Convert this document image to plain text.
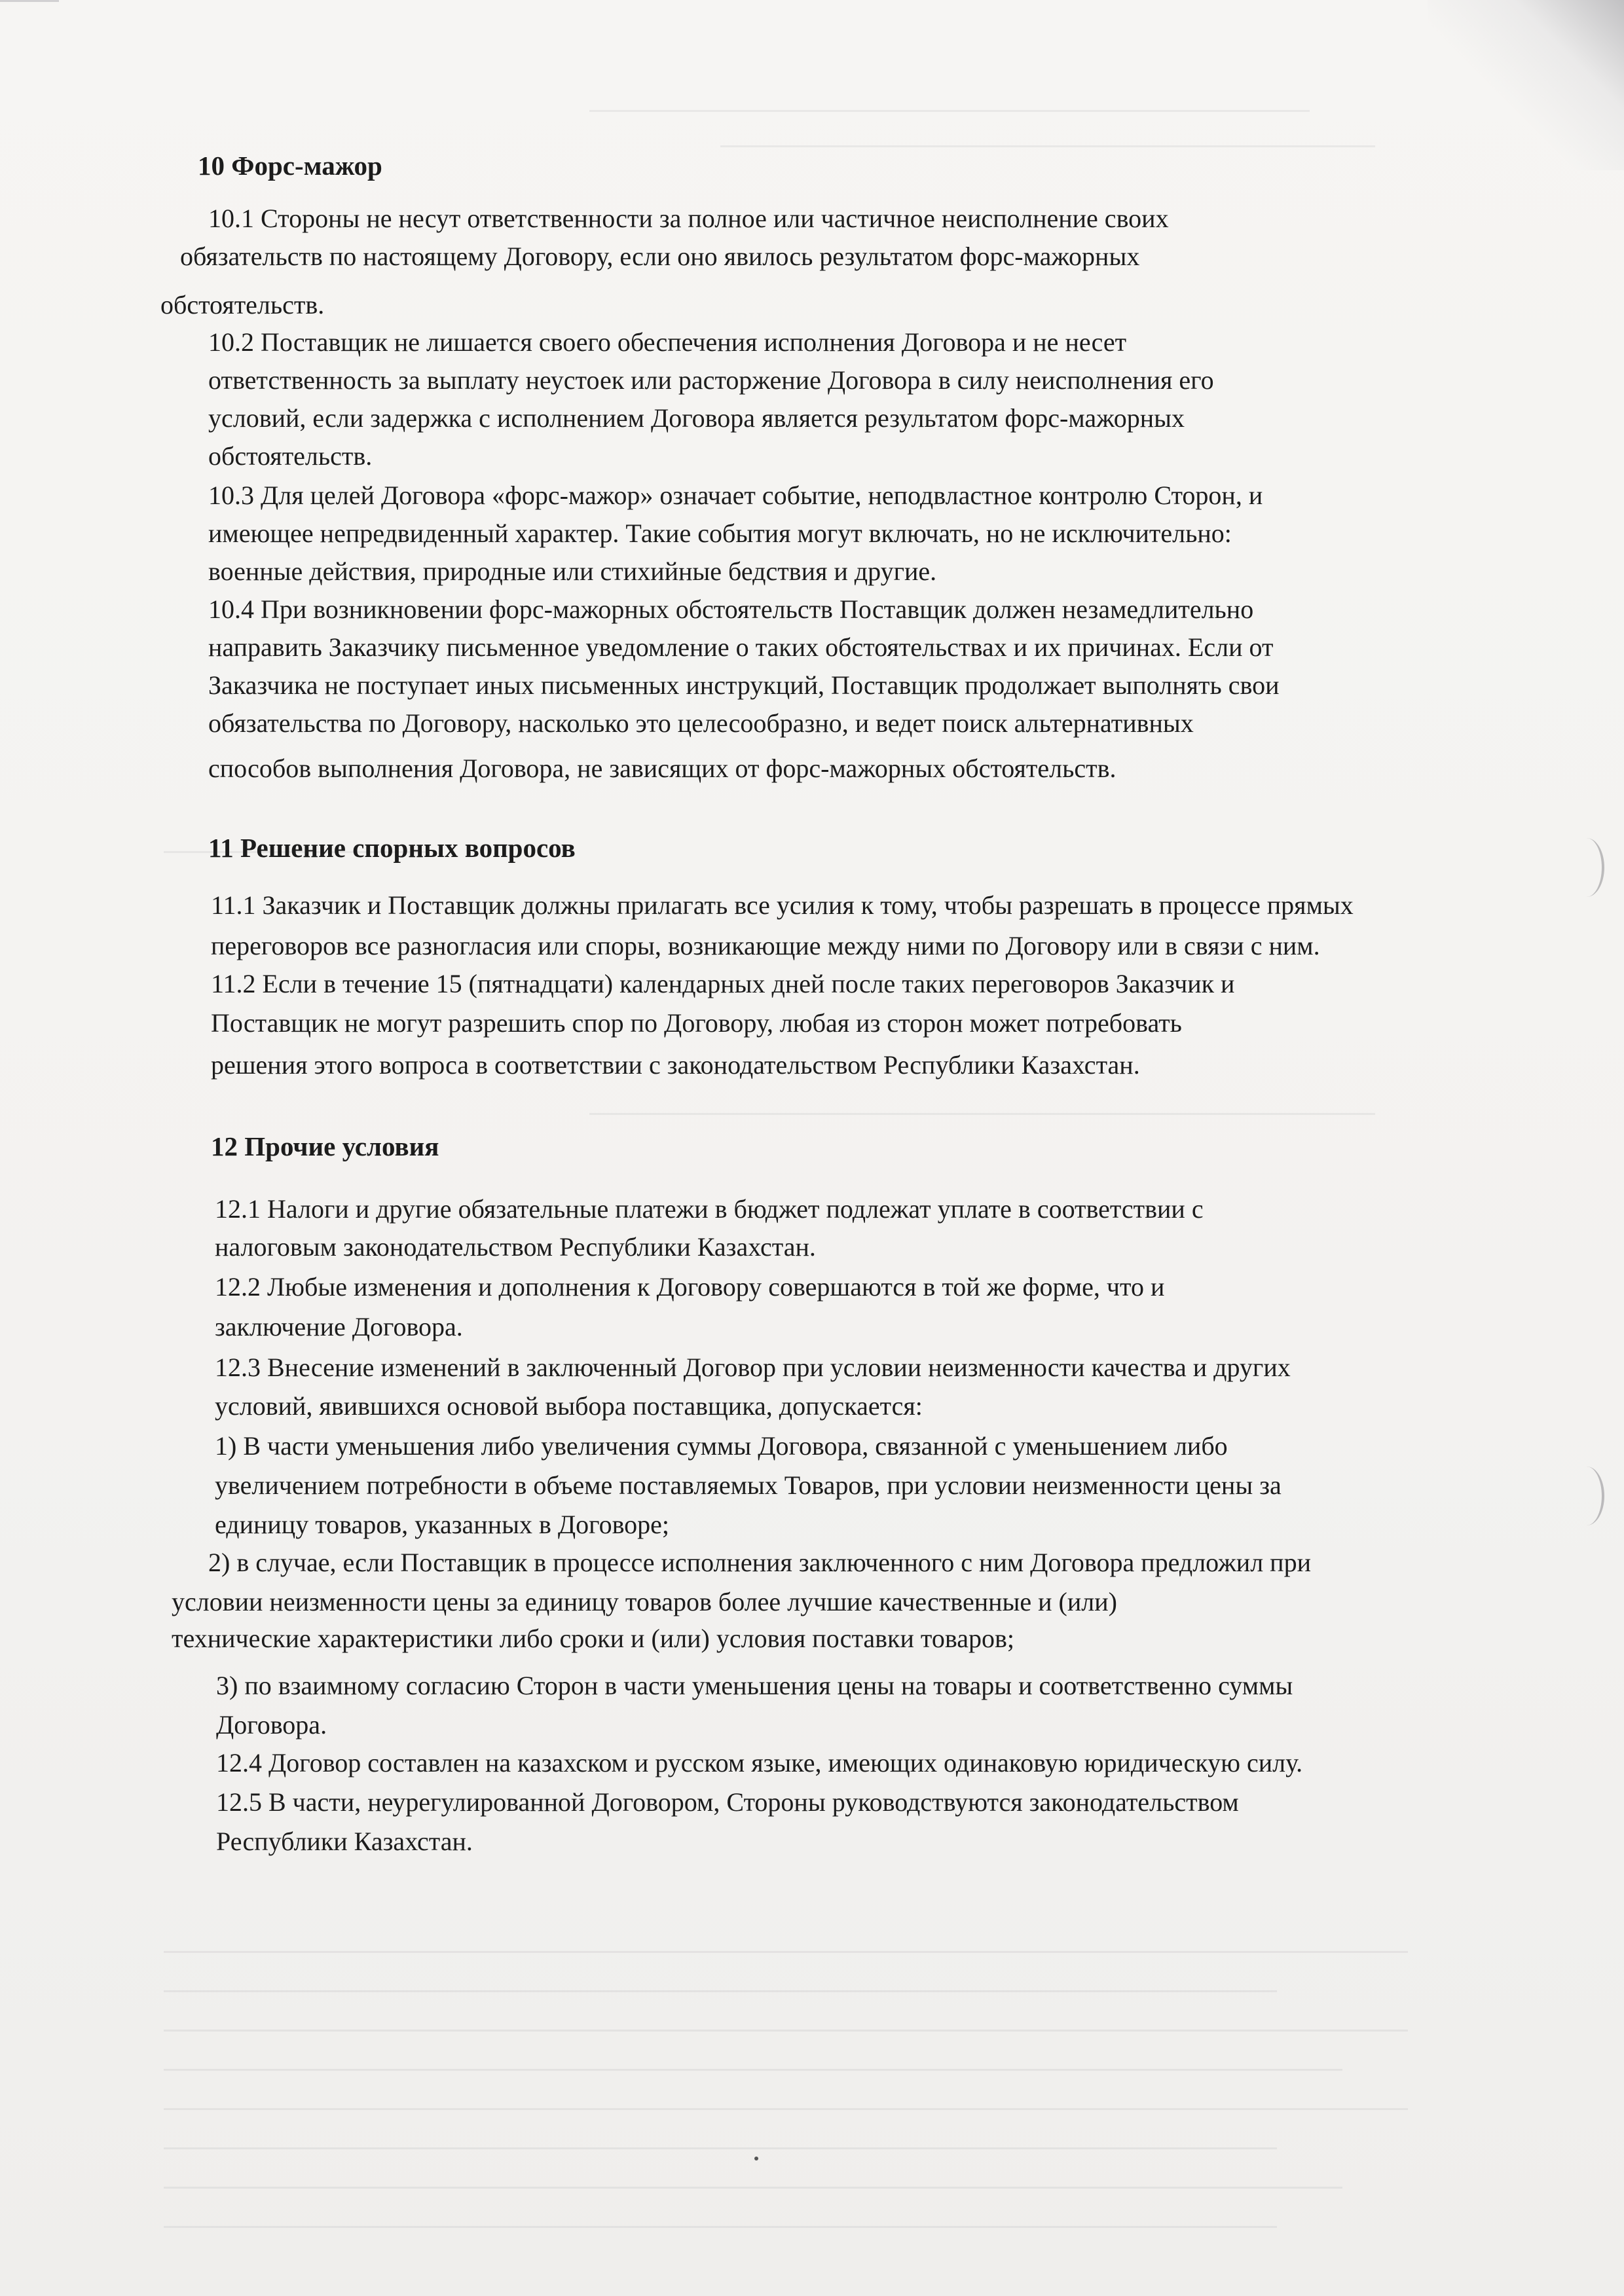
10 Форс-мажор

10.1 Стороны не несут ответственности за полное или частичное неисполнение своих

обязательств по настоящему Договору, если оно явилось результатом форс-мажорных

обстоятельств.

10.2 Поставщик не лишается своего обеспечения исполнения Договора и не несет

ответственность за выплату неустоек или расторжение Договора в силу неисполнения его

условий, если задержка с исполнением Договора является результатом форс-мажорных

обстоятельств.

10.3 Для целей Договора «форс-мажор» означает событие, неподвластное контролю Сторон, и

имеющее непредвиденный характер. Такие события могут включать, но не исключительно:

военные действия, природные или стихийные бедствия и другие.

10.4 При возникновении форс-мажорных обстоятельств Поставщик должен незамедлительно

направить Заказчику письменное уведомление о таких обстоятельствах и их причинах. Если от

Заказчика не поступает иных письменных инструкций, Поставщик продолжает выполнять свои

обязательства по Договору, насколько это целесообразно, и ведет поиск альтернативных

способов выполнения Договора, не зависящих от форс-мажорных обстоятельств.

11 Решение спорных вопросов

11.1 Заказчик и Поставщик должны прилагать все усилия к тому, чтобы разрешать в процессе прямых

переговоров все разногласия или споры, возникающие между ними по Договору или в связи с ним.

11.2 Если в течение 15 (пятнадцати) календарных дней после таких переговоров Заказчик и

Поставщик не могут разрешить спор по Договору, любая из сторон может потребовать

решения этого вопроса в соответствии с законодательством Республики Казахстан.

12 Прочие условия

12.1 Налоги и другие обязательные платежи в бюджет подлежат уплате в соответствии с

налоговым законодательством Республики Казахстан.

12.2 Любые изменения и дополнения к Договору совершаются в той же форме, что и

заключение Договора.

12.3 Внесение изменений в заключенный Договор при условии неизменности качества и других

условий, явившихся основой выбора поставщика, допускается:

1) В части уменьшения либо увеличения суммы Договора, связанной с уменьшением либо

увеличением потребности в объеме поставляемых Товаров, при условии неизменности цены за

единицу товаров, указанных в Договоре;

2) в случае, если Поставщик в процессе исполнения заключенного с ним Договора предложил при

условии неизменности цены за единицу товаров более лучшие качественные и (или)

технические характеристики либо сроки и (или) условия поставки товаров;

3) по взаимному согласию Сторон в части уменьшения цены на товары и соответственно суммы

Договора.

12.4 Договор составлен на казахском и русском языке, имеющих одинаковую юридическую силу.

12.5 В части, неурегулированной Договором, Стороны руководствуются законодательством

Республики Казахстан.
